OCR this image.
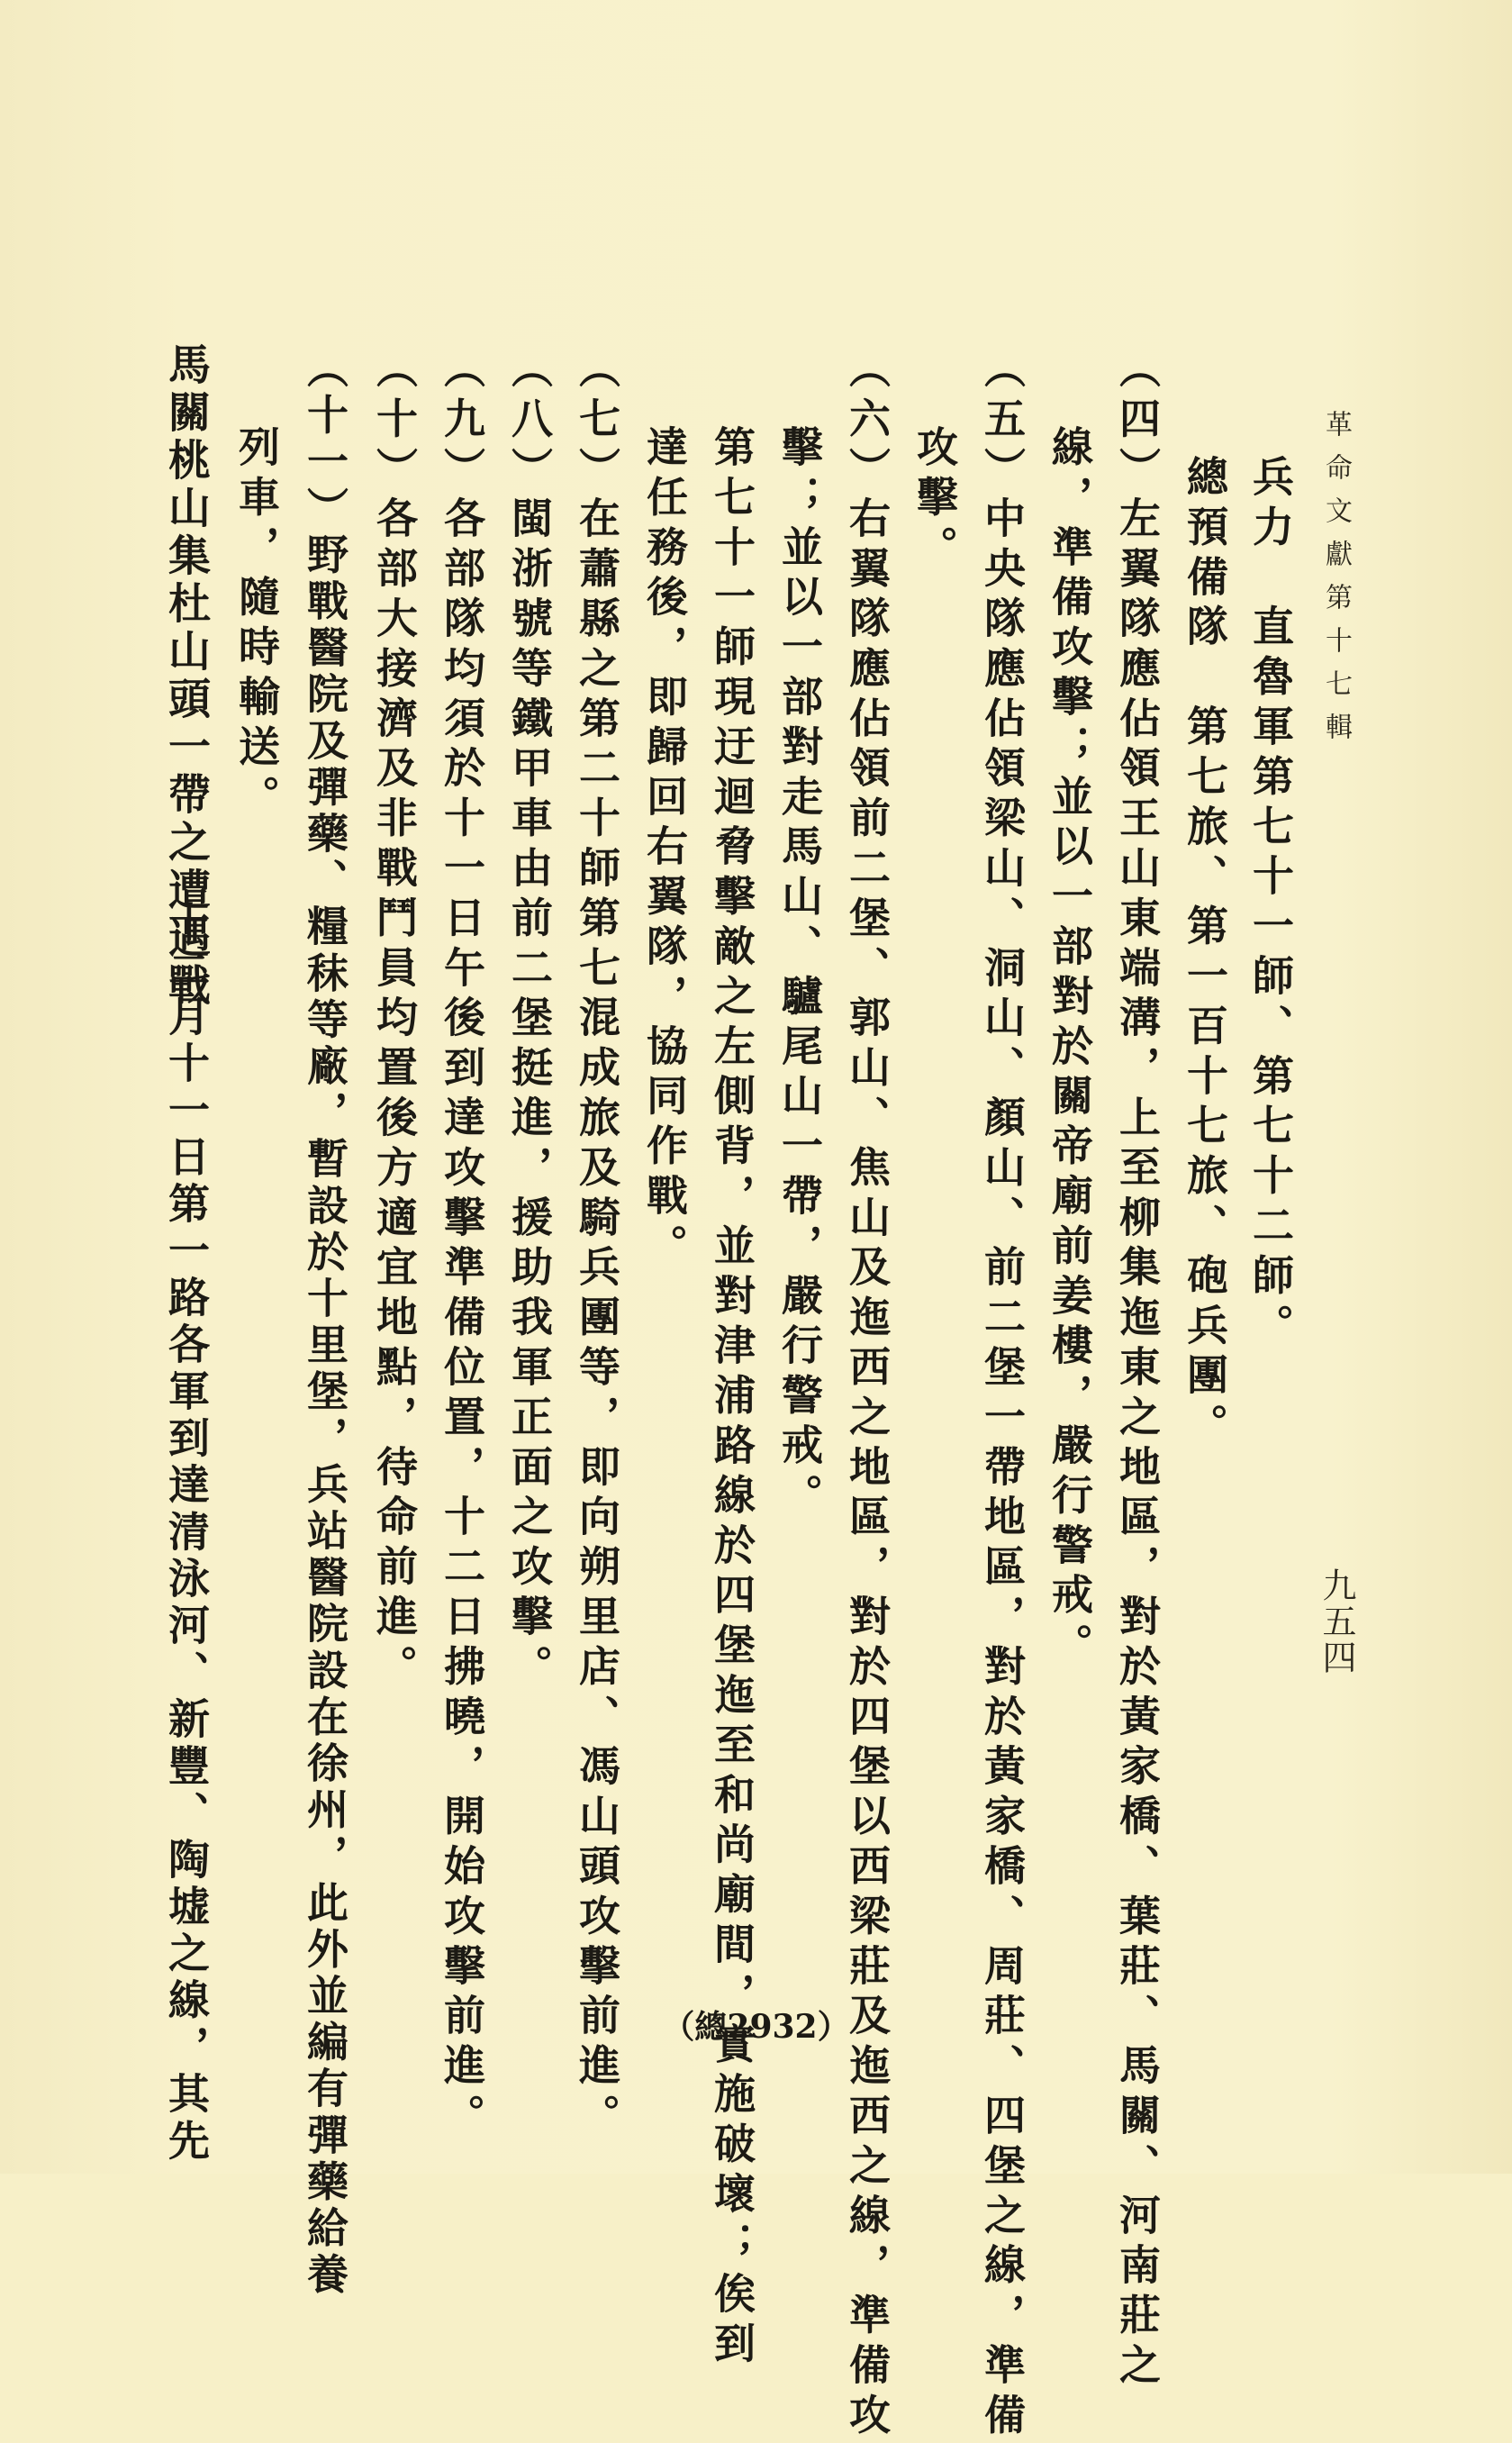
革命文獻第十七輯
九五四
兵力　直魯軍第七十一師、第七十二師。
總預備隊　第七旅、第一百十七旅、砲兵團。
（四）左翼隊應佔領王山東端溝，上至柳集迤東之地區，對於黃家橋、葉莊、馬關、河南莊之
線，準備攻擊；並以一部對於關帝廟前姜樓，嚴行警戒。
（五）中央隊應佔領梁山、洞山、顏山、前二堡一帶地區，對於黃家橋、周莊、四堡之線，準備
攻擊。
（六）右翼隊應佔領前二堡、郭山、焦山及迤西之地區，對於四堡以西梁莊及迤西之線，準備攻
擊；並以一部對走馬山、驢尾山一帶，嚴行警戒。
第七十一師現迂迴脅擊敵之左側背，並對津浦路線於四堡迤至和尚廟間，實施破壞；俟到
達任務後，即歸回右翼隊，協同作戰。
（七）在蕭縣之第二十師第七混成旅及騎兵團等，即向朔里店、馮山頭攻擊前進。
（八）閩浙號等鐵甲車由前二堡挺進，援助我軍正面之攻擊。
（九）各部隊均須於十一日午後到達攻擊準備位置，十二日拂曉，開始攻擊前進。
（十）各部大接濟及非戰鬥員均置後方適宜地點，待命前進。
（十一）野戰醫院及彈藥、糧秣等廠，暫設於十里堡，兵站醫院設在徐州，此外並編有彈藥給養
列車，隨時輸送。
馬關桃山集杜山頭一帶之遭遇戰
十二月十一日第一路各軍到達清泳河、新豐、陶墟之線，其先	（總2932）
